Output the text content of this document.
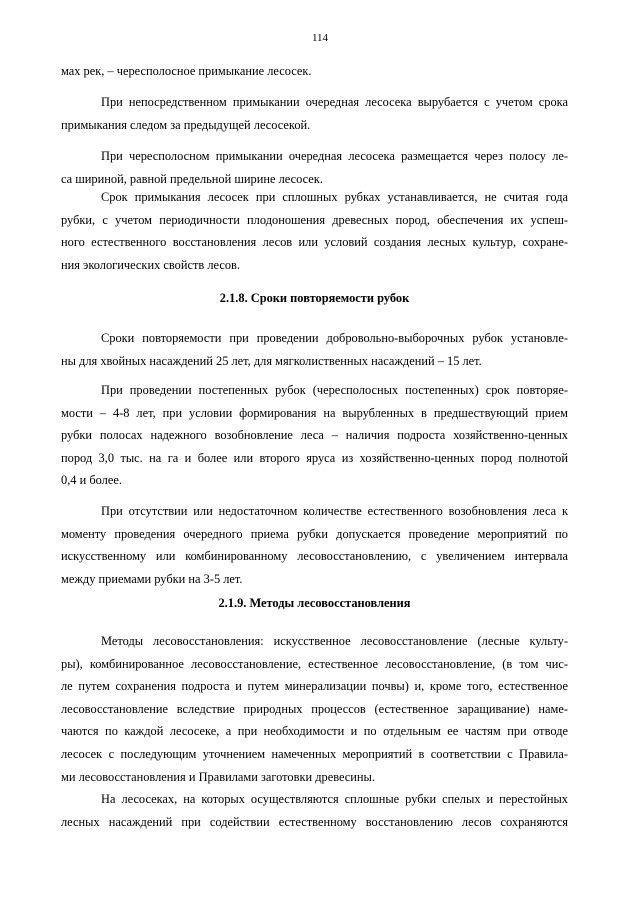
114
мах рек, – чересполосное примыкание лесосек.
При непосредственном примыкании очередная лесосека вырубается с учетом срока
примыкания следом за предыдущей лесосекой.
При чересполосном примыкании очередная лесосека размещается через полосу ле-
са шириной, равной предельной ширине лесосек.
Срок примыкания лесосек при сплошных рубках устанавливается, не считая года
рубки, с учетом периодичности плодоношения древесных пород, обеспечения их успеш-
ного естественного восстановления лесов или условий создания лесных культур, сохране-
ния экологических свойств лесов.
2.1.8. Сроки повторяемости рубок
Сроки повторяемости при проведении добровольно-выборочных рубок установле-
ны для хвойных насаждений 25 лет, для мягколиственных насаждений – 15 лет.
При проведении постепенных рубок (чересполосных постепенных) срок повторяе-
мости – 4-8 лет, при условии формирования на вырубленных в предшествующий прием
рубки полосах надежного возобновление леса – наличия подроста хозяйственно-ценных
пород 3,0 тыс. на га и более или второго яруса из хозяйственно-ценных пород полнотой
0,4 и более.
При отсутствии или недостаточном количестве естественного возобновления леса к
моменту проведения очередного приема рубки допускается проведение мероприятий по
искусственному или комбинированному лесовосстановлению, с увеличением интервала
между приемами рубки на 3-5 лет.
2.1.9. Методы лесовосстановления
Методы лесовосстановления: искусственное лесовосстановление (лесные культу-
ры), комбинированное лесовосстановление, естественное лесовосстановление, (в том чис-
ле путем сохранения подроста и путем минерализации почвы) и, кроме того, естественное
лесовосстановление вследствие природных процессов (естественное заращивание) наме-
чаются по каждой лесосеке, а при необходимости и по отдельным ее частям при отводе
лесосек с последующим уточнением намеченных мероприятий в соответствии с Правила-
ми лесовосстановления и Правилами заготовки древесины.
На лесосеках, на которых осуществляются сплошные рубки спелых и перестойных
лесных насаждений при содействии естественному восстановлению лесов сохраняются
